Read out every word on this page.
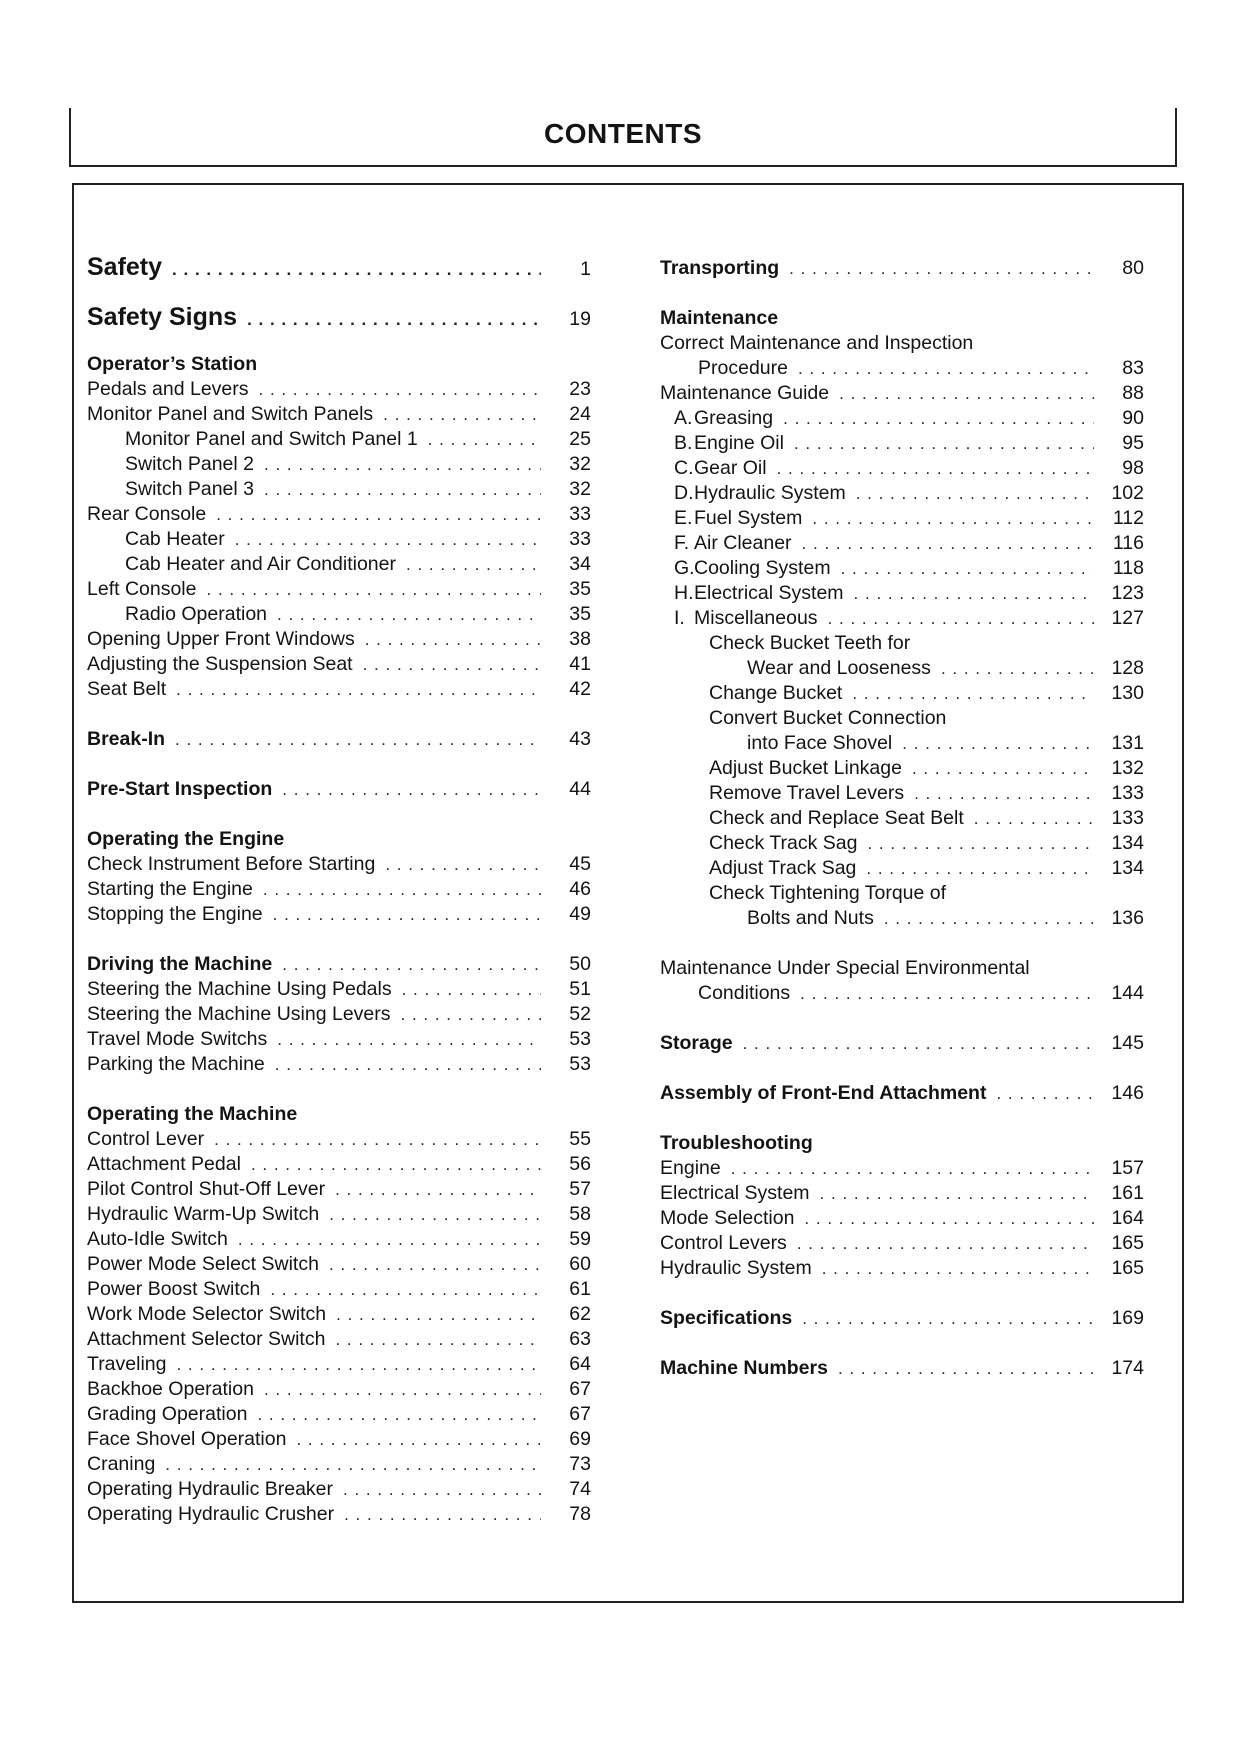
CONTENTS
Safety . . .	1
Safety Signs . . .	19
Operator’s Station
Pedals and Levers . . .	23
Monitor Panel and Switch Panels . . .	24
Monitor Panel and Switch Panel 1 . . .	25
Switch Panel 2 . . .	32
Switch Panel 3 . . .	32
Rear Console . . .	33
Cab Heater . . .	33
Cab Heater and Air Conditioner . . .	34
Left Console . . .	35
Radio Operation . . .	35
Opening Upper Front Windows . . .	38
Adjusting the Suspension Seat . . .	41
Seat Belt . . .	42
Break-In . . .	43
Pre-Start Inspection . . .	44
Operating the Engine
Check Instrument Before Starting . . .	45
Starting the Engine . . .	46
Stopping the Engine . . .	49
Driving the Machine . . .	50
Steering the Machine Using Pedals . . .	51
Steering the Machine Using Levers . . .	52
Travel Mode Switchs . . .	53
Parking the Machine . . .	53
Operating the Machine
Control Lever . . .	55
Attachment Pedal . . .	56
Pilot Control Shut-Off Lever . . .	57
Hydraulic Warm-Up Switch . . .	58
Auto-Idle Switch . . .	59
Power Mode Select Switch . . .	60
Power Boost Switch . . .	61
Work Mode Selector Switch . . .	62
Attachment Selector Switch . . .	63
Traveling . . .	64
Backhoe Operation . . .	67
Grading Operation . . .	67
Face Shovel Operation . . .	69
Craning . . .	73
Operating Hydraulic Breaker . . .	74
Operating Hydraulic Crusher . . .	78
Transporting . . .	80
Maintenance
Correct Maintenance and Inspection
Procedure . . .	83
Maintenance Guide . . .	88
A.Greasing . . .	90
B.Engine Oil . . .	95
C.Gear Oil . . .	98
D.Hydraulic System . . .	102
E.Fuel System . . .	112
F. Air Cleaner . . .	116
G.Cooling System . . .	118
H.Electrical System . . .	123
I. Miscellaneous . . .	127
Check Bucket Teeth for
Wear and Looseness . . .	128
Change Bucket . . .	130
Convert Bucket Connection
into Face Shovel . . .	131
Adjust Bucket Linkage . . .	132
Remove Travel Levers . . .	133
Check and Replace Seat Belt . . .	133
Check Track Sag . . .	134
Adjust Track Sag . . .	134
Check Tightening Torque of
Bolts and Nuts . . .	136
Maintenance Under Special Environmental
Conditions . . .	144
Storage . . .	145
Assembly of Front-End Attachment . . .	146
Troubleshooting
Engine . . .	157
Electrical System . . .	161
Mode Selection . . .	164
Control Levers . . .	165
Hydraulic System . . .	165
Specifications . . .	169
Machine Numbers . . .	174
